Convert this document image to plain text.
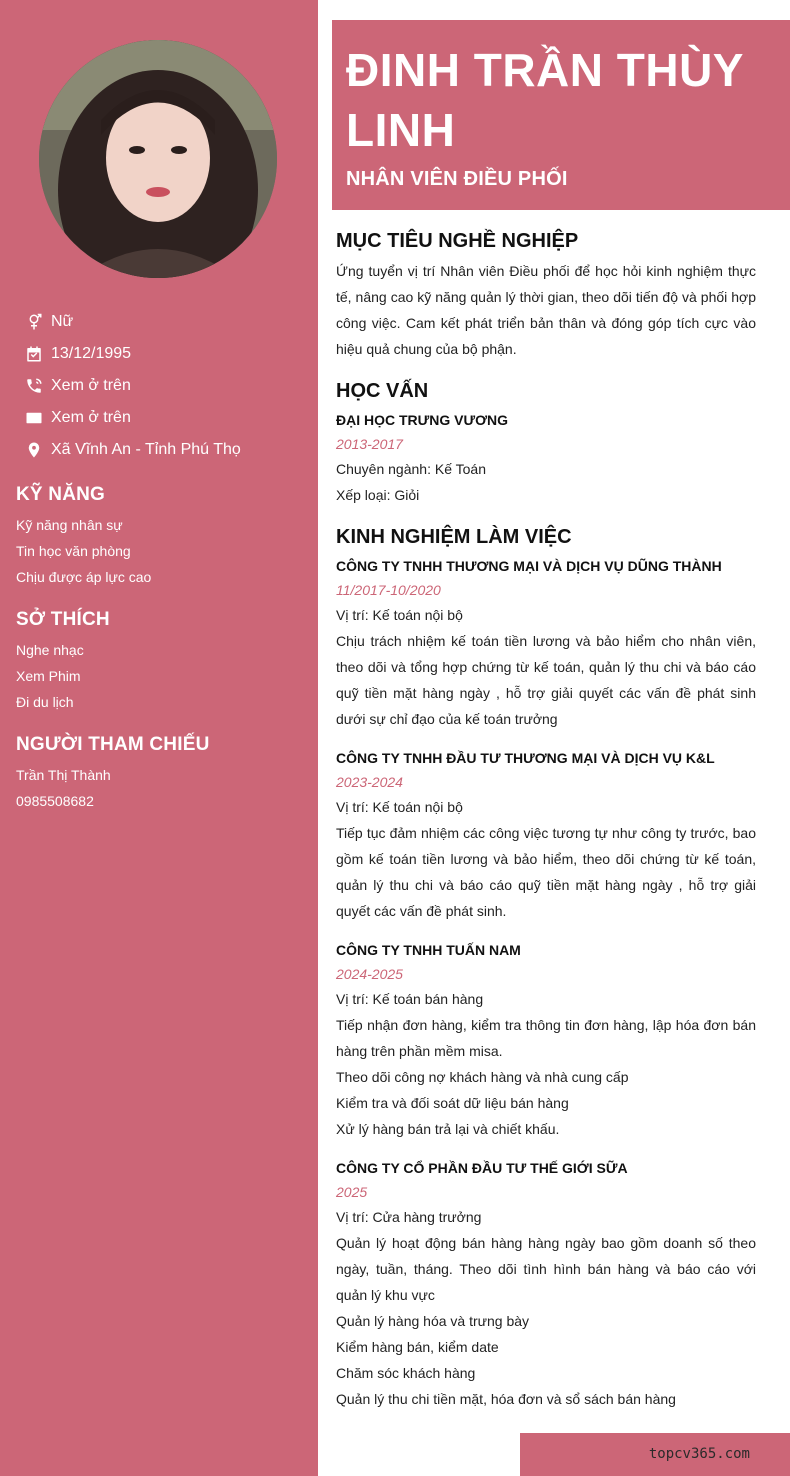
Nữ
13/12/1995
Xem ở trên
Xem ở trên
Xã Vĩnh An - Tỉnh Phú Thọ
KỸ NĂNG
Kỹ năng nhân sự
Tin học văn phòng
Chịu được áp lực cao
SỞ THÍCH
Nghe nhạc
Xem Phim
Đi du lịch
NGƯỜI THAM CHIẾU
Trần Thị Thành
0985508682
ĐINH TRẦN THÙY LINH
NHÂN VIÊN ĐIỀU PHỐI
MỤC TIÊU NGHỀ NGHIỆP

Ứng tuyển vị trí Nhân viên Điều phối để học hỏi kinh nghiệm thực tế, nâng cao kỹ năng quản lý thời gian, theo dõi tiến độ và phối hợp công việc. Cam kết phát triển bản thân và đóng góp tích cực vào hiệu quả chung của bộ phận.

HỌC VẤN
ĐẠI HỌC TRƯNG VƯƠNG
2013-2017
Chuyên ngành: Kế Toán
Xếp loại: Giỏi
KINH NGHIỆM LÀM VIỆC
CÔNG TY TNHH THƯƠNG MẠI VÀ DỊCH VỤ DŨNG THÀNH
11/2017-10/2020
Vị trí: Kế toán nội bộ
Chịu trách nhiệm kế toán tiền lương và bảo hiểm cho nhân viên, theo dõi và tổng hợp chứng từ kế toán, quản lý thu chi và báo cáo quỹ tiền mặt hàng ngày , hỗ trợ giải quyết các vấn đề phát sinh dưới sự chỉ đạo của kế toán trưởng
CÔNG TY TNHH ĐẦU TƯ THƯƠNG MẠI VÀ DỊCH VỤ K&L
2023-2024
Vị trí: Kế toán nội bộ
Tiếp tục đảm nhiệm các công việc tương tự như công ty trước, bao gồm kế toán tiền lương và bảo hiểm, theo dõi chứng từ kế toán, quản lý thu chi và báo cáo quỹ tiền mặt hàng ngày , hỗ trợ giải quyết các vấn đề phát sinh.
CÔNG TY TNHH TUẤN NAM
2024-2025
Vị trí: Kế toán bán hàng
Tiếp nhận đơn hàng, kiểm tra thông tin đơn hàng, lập hóa đơn bán hàng trên phần mềm misa.
Theo dõi công nợ khách hàng và nhà cung cấp
Kiểm tra và đối soát dữ liệu bán hàng
Xử lý hàng bán trả lại và chiết khấu.
CÔNG TY CỔ PHẦN ĐẦU TƯ THẾ GIỚI SỮA
2025
Vị trí: Cửa hàng trưởng
Quản lý hoạt động bán hàng hàng ngày bao gồm doanh số theo ngày, tuần, tháng. Theo dõi tình hình bán hàng và báo cáo với quản lý khu vực
Quản lý hàng hóa và trưng bày
Kiểm hàng bán, kiểm date
Chăm sóc khách hàng
Quản lý thu chi tiền mặt, hóa đơn và sổ sách bán hàng
topcv365.com
